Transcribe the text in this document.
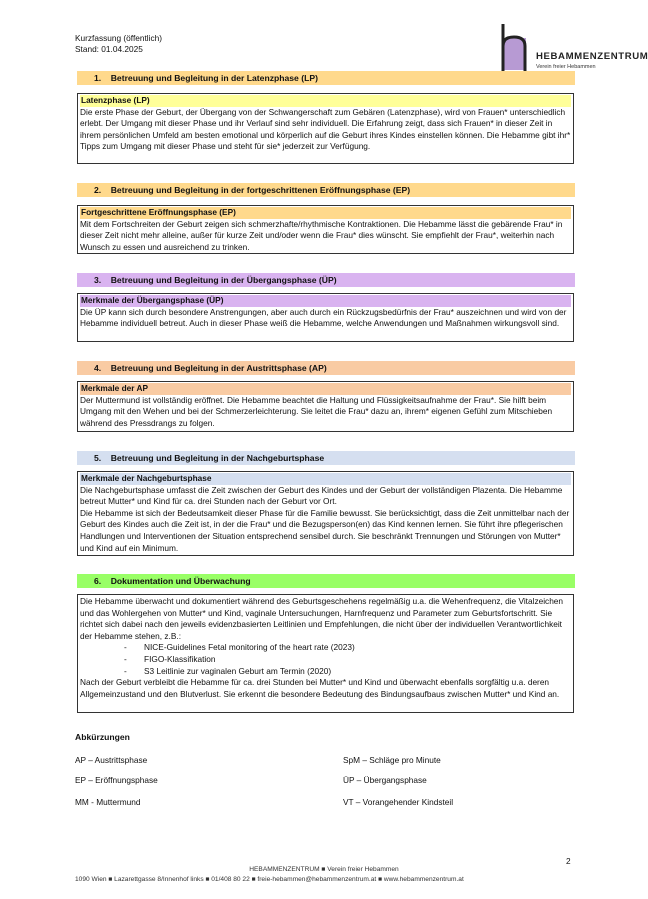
Kurzfassung (öffentlich)
Stand: 01.04.2025
HEBAMMENZENTRUM
Verein freier Hebammen
1.    Betreuung und Begleitung in der Latenzphase (LP)
Latenzphase (LP)

Die erste Phase der Geburt, der Übergang von der Schwangerschaft zum Gebären (Latenzphase), wird von Frauen* unterschiedlich erlebt. Der Umgang mit dieser Phase und ihr Verlauf sind sehr individuell. Die Erfahrung zeigt, dass sich Frauen* in dieser Zeit in ihrem persönlichen Umfeld am besten emotional und körperlich auf die Geburt ihres Kindes einstellen können. Die Hebamme gibt ihr* Tipps zum Umgang mit dieser Phase und steht für sie* jederzeit zur Verfügung.

2.    Betreuung und Begleitung in der fortgeschrittenen Eröffnungsphase (EP)
Fortgeschrittene Eröffnungsphase (EP)

Mit dem Fortschreiten der Geburt zeigen sich schmerzhafte/rhythmische Kontraktionen. Die Hebamme lässt die gebärende Frau* in dieser Zeit nicht mehr alleine, außer für kurze Zeit und/oder wenn die Frau* dies wünscht. Sie empfiehlt der Frau*, weiterhin nach Wunsch zu essen und ausreichend zu trinken.

3.    Betreuung und Begleitung in der Übergangsphase (ÜP)
Merkmale der Übergangsphase (ÜP)

Die ÜP kann sich durch besondere Anstrengungen, aber auch durch ein Rückzugsbedürfnis der Frau* auszeichnen und wird von der Hebamme individuell betreut. Auch in dieser Phase weiß die Hebamme, welche Anwendungen und Maßnahmen wirkungsvoll sind.

4.    Betreuung und Begleitung in der Austrittsphase (AP)
Merkmale der AP

Der Muttermund ist vollständig eröffnet. Die Hebamme beachtet die Haltung und Flüssigkeitsaufnahme der Frau*. Sie hilft beim Umgang mit den Wehen und bei der Schmerzerleichterung. Sie leitet die Frau* dazu an, ihrem* eigenen Gefühl zum Mitschieben während des Pressdrangs zu folgen.

5.    Betreuung und Begleitung in der Nachgeburtsphase
Merkmale der Nachgeburtsphase

Die Nachgeburtsphase umfasst die Zeit zwischen der Geburt des Kindes und der Geburt der vollständigen Plazenta. Die Hebamme betreut Mutter* und Kind für ca. drei Stunden nach der Geburt vor Ort.

Die Hebamme ist sich der Bedeutsamkeit dieser Phase für die Familie bewusst. Sie berücksichtigt, dass die Zeit unmittelbar nach der Geburt des Kindes auch die Zeit ist, in der die Frau* und die Bezugsperson(en) das Kind kennen lernen. Sie führt ihre pflegerischen Handlungen und Interventionen der Situation entsprechend sensibel durch. Sie beschränkt Trennungen und Störungen von Mutter* und Kind auf ein Minimum.

6.    Dokumentation und Überwachung

Die Hebamme überwacht und dokumentiert während des Geburtsgeschehens regelmäßig u.a. die Wehenfrequenz, die Vitalzeichen und das Wohlergehen von Mutter* und Kind, vaginale Untersuchungen, Harnfrequenz und Parameter zum Geburtsfortschritt. Sie richtet sich dabei nach den jeweils evidenzbasierten Leitlinien und Empfehlungen, die nicht über der individuellen Verantwortlichkeit der Hebamme stehen, z.B.:

-	NICE-Guidelines Fetal monitoring of the heart rate (2023)
-	FIGO-Klassifikation
-	S3 Leitlinie zur vaginalen Geburt am Termin (2020)

Nach der Geburt verbleibt die Hebamme für ca. drei Stunden bei Mutter* und Kind und überwacht ebenfalls sorgfältig u.a. deren Allgemeinzustand und den Blutverlust. Sie erkennt die besondere Bedeutung des Bindungsaufbaus zwischen Mutter* und Kind an.

Abkürzungen
AP – Austrittsphase
EP – Eröffnungsphase
MM - Muttermund
SpM – Schläge pro Minute
ÜP – Übergangsphase
VT – Vorangehender Kindsteil
2
HEBAMMENZENTRUM ■ Verein freier Hebammen
1090 Wien ■ Lazarettgasse 8/Innenhof links ■ 01/408 80 22 ■ freie-hebammen@hebammenzentrum.at ■ www.hebammenzentrum.at
